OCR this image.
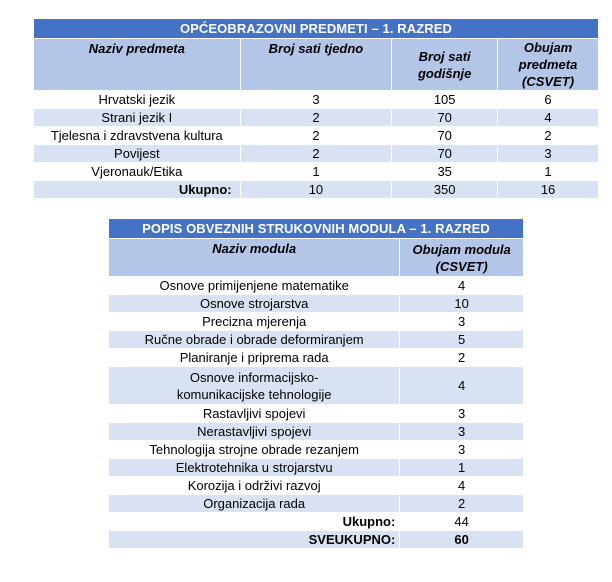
OPĆEOBRAZOVNI PREDMETI – 1. RAZRED			
Naziv predmeta	Broj sati tjedno	Broj sati godišnje	Obujam predmeta (CSVET)
Hrvatski jezik	3	105	6
Strani jezik I	2	70	4
Tjelesna i zdravstvena kultura	2	70	2
Povijest	2	70	3
Vjeronauk/Etika	1	35	1
Ukupno:	10	350	16
POPIS OBVEZNIH STRUKOVNIH MODULA – 1. RAZRED	
Naziv modula	Obujam modula (CSVET)
Osnove primijenjene matematike	4
Osnove strojarstva	10
Precizna mjerenja	3
Ručne obrade i obrade deformiranjem	5
Planiranje i priprema rada	2
Osnove informacijsko-komunikacijske tehnologije	4
Rastavljivi spojevi	3
Nerastavljivi spojevi	3
Tehnologija strojne obrade rezanjem	3
Elektrotehnika u strojarstvu	1
Korozija i održivi razvoj	4
Organizacija rada	2
Ukupno:	44
SVEUKUPNO:	60
